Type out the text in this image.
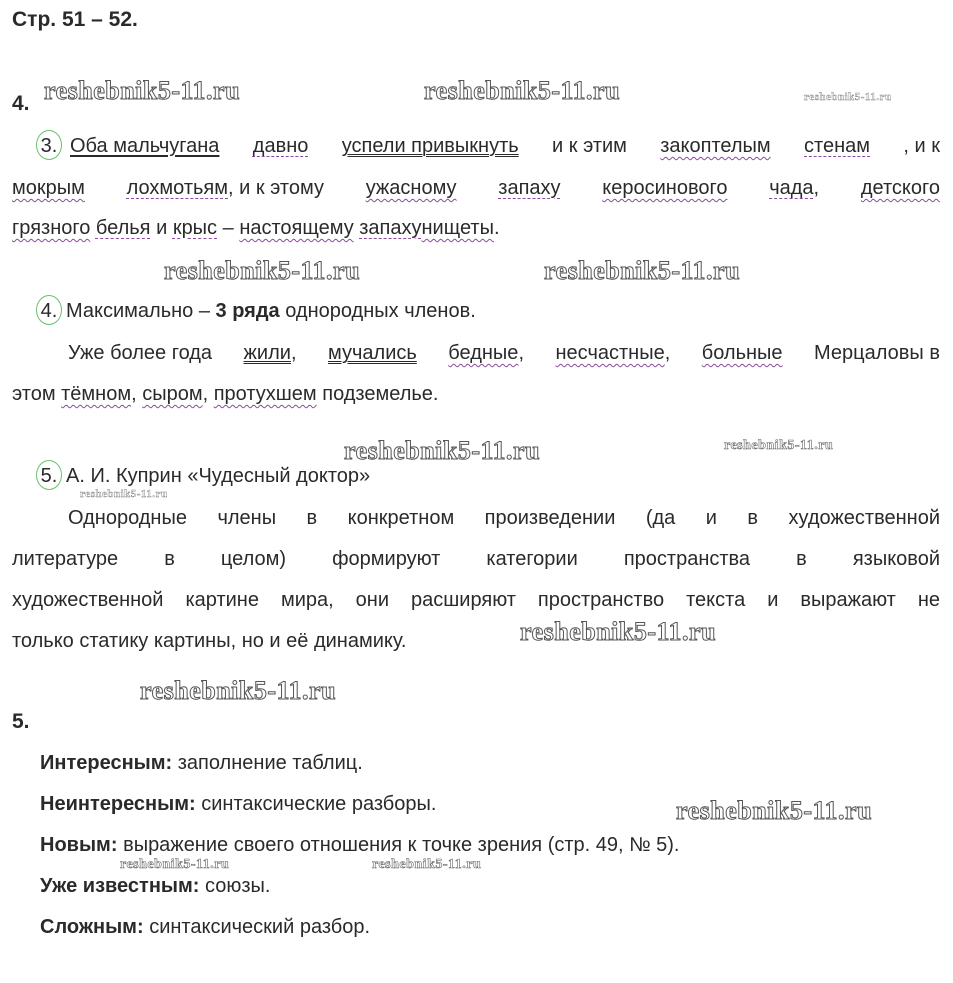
Стр. 51 – 52.
4.
3. Оба мальчугана давно успели привыкнуть и к этим закоптелым стенам , и к
мокрым лохмотьям, и к этому ужасному запаху керосинового чада, детского
грязного белья и крыс – настоящему запахунищеты.
4. Максимально – 3 ряда однородных членов.
Уже более года жили, мучались бедные, несчастные, больные Мерцаловы в
этом тёмном, сыром, протухшем подземелье.
5. А. И. Куприн «Чудесный доктор»
Однородные члены в конкретном произведении (да и в художественной
литературе в целом) формируют категории пространства в языковой
художественной картине мира, они расширяют пространство текста и выражают не
только статику картины, но и её динамику.
5.
Интересным: заполнение таблиц.
Неинтересным: синтаксические разборы.
Новым: выражение своего отношения к точке зрения (стр. 49, № 5).
Уже известным: союзы.
Сложным: синтаксический разбор.
reshebnik5-11.ru	reshebnik5-11.ru	reshebnik5-11.ru
reshebnik5-11.ru	reshebnik5-11.ru
reshebnik5-11.ru	reshebnik5-11.ru
reshebnik5-11.ru
reshebnik5-11.ru
reshebnik5-11.ru
reshebnik5-11.ru
reshebnik5-11.ru	reshebnik5-11.ru
